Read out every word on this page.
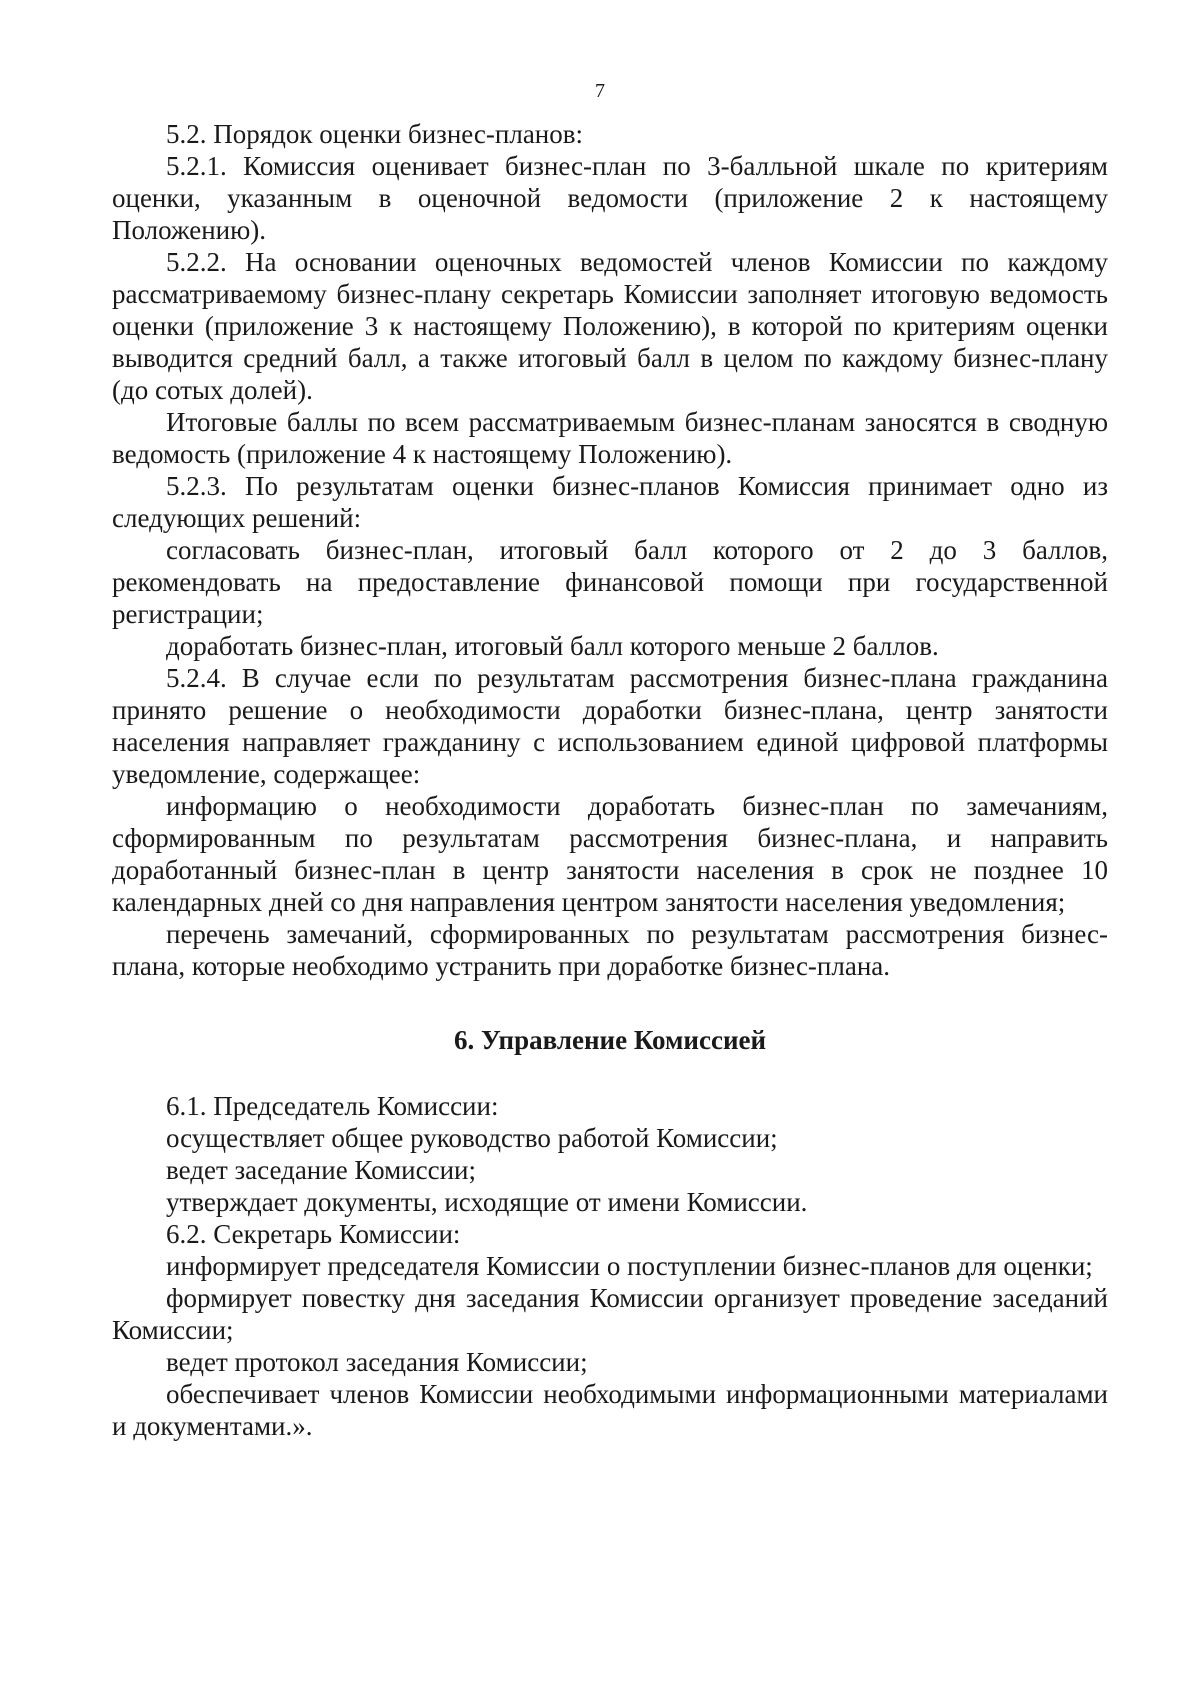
7

5.2. Порядок оценки бизнес-планов:

5.2.1. Комиссия оценивает бизнес-план по 3-балльной шкале по критериям оценки, указанным в оценочной ведомости (приложение 2 к настоящему Положению).

5.2.2. На основании оценочных ведомостей членов Комиссии по каждому рассматриваемому бизнес-плану секретарь Комиссии заполняет итоговую ведомость оценки (приложение 3 к настоящему Положению), в которой по критериям оценки выводится средний балл, а также итоговый балл в целом по каждому бизнес-плану (до сотых долей).

Итоговые баллы по всем рассматриваемым бизнес-планам заносятся в сводную ведомость (приложение 4 к настоящему Положению).

5.2.3. По результатам оценки бизнес-планов Комиссия принимает одно из следующих решений:

согласовать бизнес-план, итоговый балл которого от 2 до 3 баллов, рекомендовать на предоставление финансовой помощи при государственной регистрации;

доработать бизнес-план, итоговый балл которого меньше 2 баллов.

5.2.4. В случае если по результатам рассмотрения бизнес-плана гражданина принято решение о необходимости доработки бизнес-плана, центр занятости населения направляет гражданину с использованием единой цифровой платформы уведомление, содержащее:

информацию о необходимости доработать бизнес-план по замечаниям, сформированным по результатам рассмотрения бизнес-плана, и направить доработанный бизнес-план в центр занятости населения в срок не позднее 10 календарных дней со дня направления центром занятости населения уведомления;

перечень замечаний, сформированных по результатам рассмотрения бизнес-плана, которые необходимо устранить при доработке бизнес-плана.

6. Управление Комиссией

6.1. Председатель Комиссии:

осуществляет общее руководство работой Комиссии;

ведет заседание Комиссии;

утверждает документы, исходящие от имени Комиссии.

6.2. Секретарь Комиссии:

информирует председателя Комиссии о поступлении бизнес-планов для оценки;

формирует повестку дня заседания Комиссии организует проведение заседаний Комиссии;

ведет протокол заседания Комиссии;

обеспечивает членов Комиссии необходимыми информационными материалами и документами.».
